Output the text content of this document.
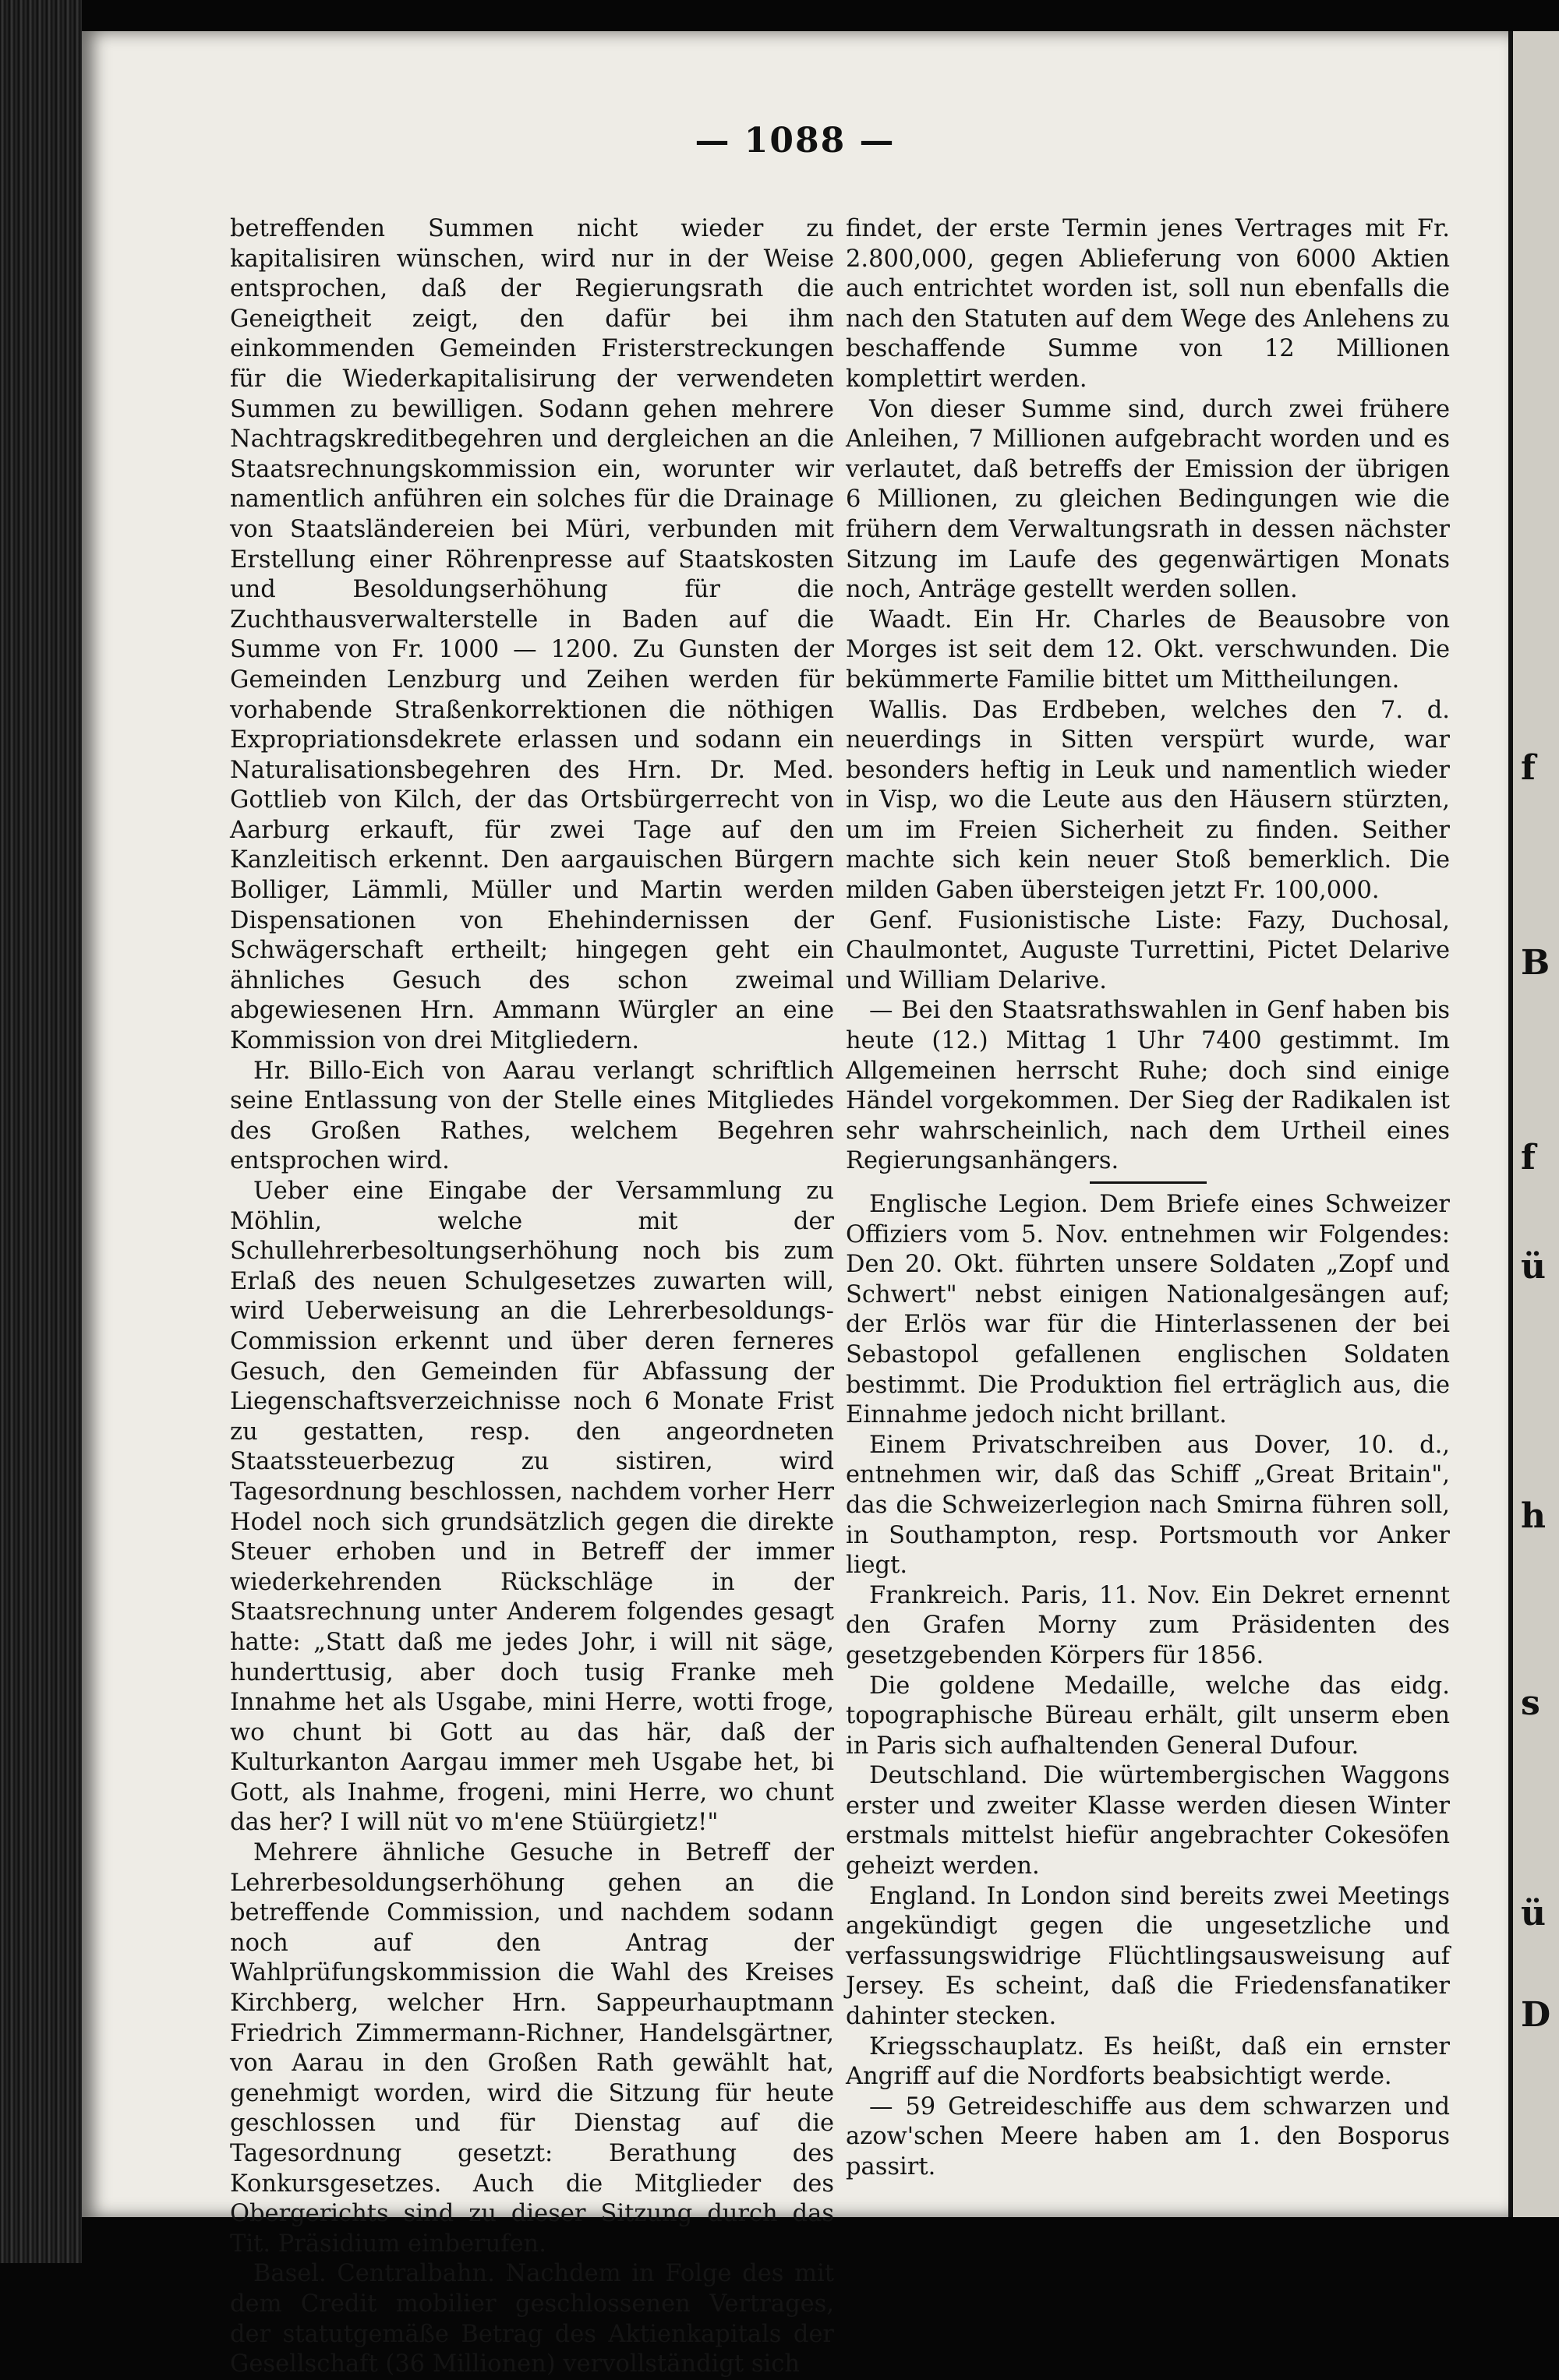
— 1088 —

betreffenden Summen nicht wieder zu kapitalisiren wünschen, wird nur in der Weise entsprochen, daß der Regierungsrath die Geneigtheit zeigt, den dafür bei ihm einkommenden Gemeinden Fristerstreckungen für die Wiederkapitalisirung der verwendeten Summen zu bewilligen. Sodann gehen mehrere Nachtragskreditbegehren und dergleichen an die Staatsrechnungskommission ein, worunter wir namentlich anführen ein solches für die Drainage von Staatsländereien bei Müri, verbunden mit Erstellung einer Röhrenpresse auf Staatskosten und Besoldungserhöhung für die Zuchthausverwalterstelle in Baden auf die Summe von Fr. 1000 — 1200. Zu Gunsten der Gemeinden Lenzburg und Zeihen werden für vorhabende Straßenkorrektionen die nöthigen Expropriationsdekrete erlassen und sodann ein Naturalisationsbegehren des Hrn. Dr. Med. Gottlieb von Kilch, der das Ortsbürgerrecht von Aarburg erkauft, für zwei Tage auf den Kanzleitisch erkennt. Den aargauischen Bürgern Bolliger, Lämmli, Müller und Martin werden Dispensationen von Ehehindernissen der Schwägerschaft ertheilt; hingegen geht ein ähnliches Gesuch des schon zweimal abgewiesenen Hrn. Ammann Würgler an eine Kommission von drei Mitgliedern.

Hr. Billo-Eich von Aarau verlangt schriftlich seine Entlassung von der Stelle eines Mitgliedes des Großen Rathes, welchem Begehren entsprochen wird.

Ueber eine Eingabe der Versammlung zu Möhlin, welche mit der Schullehrerbesoltungserhöhung noch bis zum Erlaß des neuen Schulgesetzes zuwarten will, wird Ueberweisung an die Lehrerbesoldungs-Commission erkennt und über deren ferneres Gesuch, den Gemeinden für Abfassung der Liegenschaftsverzeichnisse noch 6 Monate Frist zu gestatten, resp. den angeordneten Staatssteuerbezug zu sistiren, wird Tagesordnung beschlossen, nachdem vorher Herr Hodel noch sich grundsätzlich gegen die direkte Steuer erhoben und in Betreff der immer wiederkehrenden Rückschläge in der Staatsrechnung unter Anderem folgendes gesagt hatte: „Statt daß me jedes Johr, i will nit säge, hunderttusig, aber doch tusig Franke meh Innahme het als Usgabe, mini Herre, wotti froge, wo chunt bi Gott au das här, daß der Kulturkanton Aargau immer meh Usgabe het, bi Gott, als Inahme, frogeni, mini Herre, wo chunt das her? I will nüt vo m'ene Stüürgietz!"

Mehrere ähnliche Gesuche in Betreff der Lehrerbesoldungserhöhung gehen an die betreffende Commission, und nachdem sodann noch auf den Antrag der Wahlprüfungskommission die Wahl des Kreises Kirchberg, welcher Hrn. Sappeurhauptmann Friedrich Zimmermann-Richner, Handelsgärtner, von Aarau in den Großen Rath gewählt hat, genehmigt worden, wird die Sitzung für heute geschlossen und für Dienstag auf die Tagesordnung gesetzt: Berathung des Konkursgesetzes. Auch die Mitglieder des Obergerichts sind zu dieser Sitzung durch das Tit. Präsidium einberufen.

Basel. Centralbahn. Nachdem in Folge des mit dem Credit mobilier geschlossenen Vertrages, der statutgemäße Betrag des Aktienkapitals der Gesellschaft (36 Millionen) vervollständigt sich

findet, der erste Termin jenes Vertrages mit Fr. 2.800,000, gegen Ablieferung von 6000 Aktien auch entrichtet worden ist, soll nun ebenfalls die nach den Statuten auf dem Wege des Anlehens zu beschaffende Summe von 12 Millionen komplettirt werden.

Von dieser Summe sind, durch zwei frühere Anleihen, 7 Millionen aufgebracht worden und es verlautet, daß betreffs der Emission der übrigen 6 Millionen, zu gleichen Bedingungen wie die frühern dem Verwaltungsrath in dessen nächster Sitzung im Laufe des gegenwärtigen Monats noch, Anträge gestellt werden sollen.

Waadt. Ein Hr. Charles de Beausobre von Morges ist seit dem 12. Okt. verschwunden. Die bekümmerte Familie bittet um Mittheilungen.

Wallis. Das Erdbeben, welches den 7. d. neuerdings in Sitten verspürt wurde, war besonders heftig in Leuk und namentlich wieder in Visp, wo die Leute aus den Häusern stürzten, um im Freien Sicherheit zu finden. Seither machte sich kein neuer Stoß bemerklich. Die milden Gaben übersteigen jetzt Fr. 100,000.

Genf. Fusionistische Liste: Fazy, Duchosal, Chaulmontet, Auguste Turrettini, Pictet Delarive und William Delarive.

— Bei den Staatsrathswahlen in Genf haben bis heute (12.) Mittag 1 Uhr 7400 gestimmt. Im Allgemeinen herrscht Ruhe; doch sind einige Händel vorgekommen. Der Sieg der Radikalen ist sehr wahrscheinlich, nach dem Urtheil eines Regierungsanhängers.

Englische Legion. Dem Briefe eines Schweizer Offiziers vom 5. Nov. entnehmen wir Folgendes: Den 20. Okt. führten unsere Soldaten „Zopf und Schwert" nebst einigen Nationalgesängen auf; der Erlös war für die Hinterlassenen der bei Sebastopol gefallenen englischen Soldaten bestimmt. Die Produktion fiel erträglich aus, die Einnahme jedoch nicht brillant.

Einem Privatschreiben aus Dover, 10. d., entnehmen wir, daß das Schiff „Great Britain", das die Schweizerlegion nach Smirna führen soll, in Southampton, resp. Portsmouth vor Anker liegt.

Frankreich. Paris, 11. Nov. Ein Dekret ernennt den Grafen Morny zum Präsidenten des gesetzgebenden Körpers für 1856.

Die goldene Medaille, welche das eidg. topographische Büreau erhält, gilt unserm eben in Paris sich aufhaltenden General Dufour.

Deutschland. Die würtembergischen Waggons erster und zweiter Klasse werden diesen Winter erstmals mittelst hiefür angebrachter Cokesöfen geheizt werden.

England. In London sind bereits zwei Meetings angekündigt gegen die ungesetzliche und verfassungswidrige Flüchtlingsausweisung auf Jersey. Es scheint, daß die Friedensfanatiker dahinter stecken.

Kriegsschauplatz. Es heißt, daß ein ernster Angriff auf die Nordforts beabsichtigt werde.

— 59 Getreideschiffe aus dem schwarzen und azow'schen Meere haben am 1. den Bosporus passirt.

f
B
f
ü
h
s
ü
D
